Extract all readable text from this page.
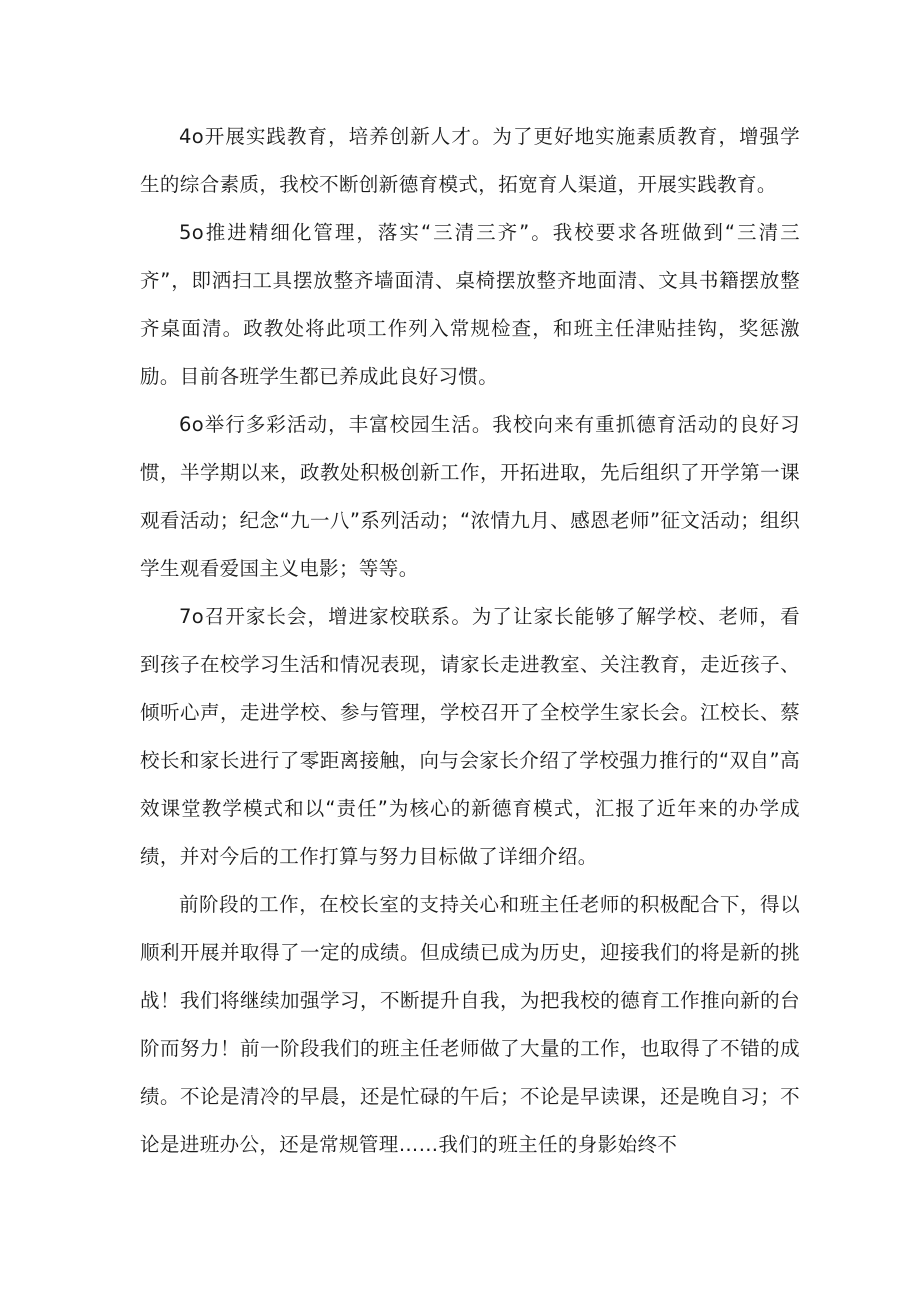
4o开展实践教育，培养创新人才。为了更好地实施素质教育，增强学生的综合素质，我校不断创新德育模式，拓宽育人渠道，开展实践教育。

5o推进精细化管理，落实“三清三齐”。我校要求各班做到“三清三齐”，即洒扫工具摆放整齐墙面清、桌椅摆放整齐地面清、文具书籍摆放整齐桌面清。政教处将此项工作列入常规检查，和班主任津贴挂钩，奖惩激励。目前各班学生都已养成此良好习惯。

6o举行多彩活动，丰富校园生活。我校向来有重抓德育活动的良好习惯，半学期以来，政教处积极创新工作，开拓进取，先后组织了开学第一课观看活动；纪念“九一八”系列活动；“浓情九月、感恩老师”征文活动；组织学生观看爱国主义电影；等等。

7o召开家长会，增进家校联系。为了让家长能够了解学校、老师，看到孩子在校学习生活和情况表现，请家长走进教室、关注教育，走近孩子、倾听心声，走进学校、参与管理，学校召开了全校学生家长会。江校长、蔡校长和家长进行了零距离接触，向与会家长介绍了学校强力推行的“双自”高效课堂教学模式和以“责任”为核心的新德育模式，汇报了近年来的办学成绩，并对今后的工作打算与努力目标做了详细介绍。

前阶段的工作，在校长室的支持关心和班主任老师的积极配合下，得以顺利开展并取得了一定的成绩。但成绩已成为历史，迎接我们的将是新的挑战！我们将继续加强学习，不断提升自我，为把我校的德育工作推向新的台阶而努力！前一阶段我们的班主任老师做了大量的工作，也取得了不错的成绩。不论是清冷的早晨，还是忙碌的午后；不论是早读课，还是晚自习；不论是进班办公，还是常规管理……我们的班主任的身影始终不
